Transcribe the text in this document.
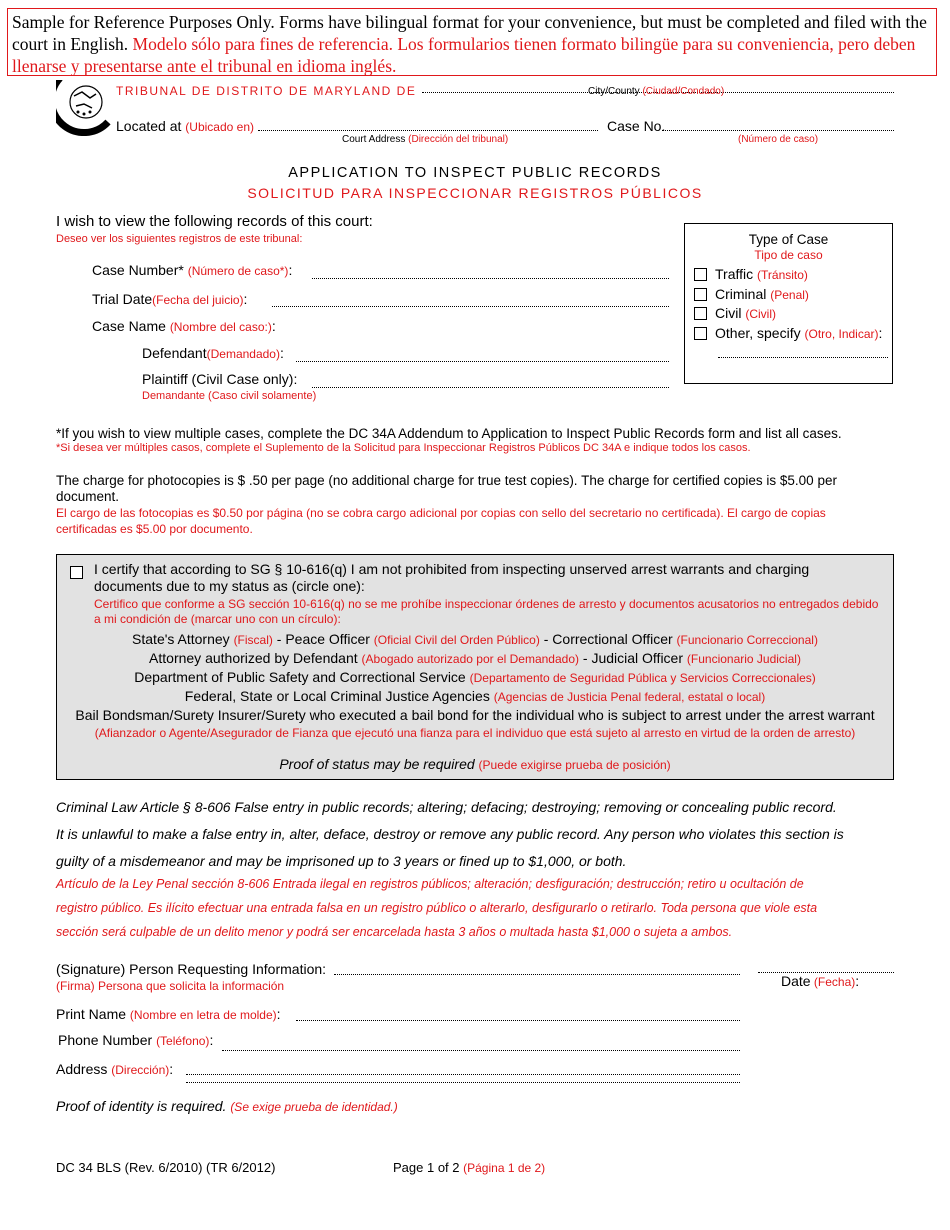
Sample for Reference Purposes Only. Forms have bilingual format for your convenience, but must be completed and filed with the court in English. Modelo sólo para fines de referencia. Los formularios tienen formato bilingüe para su conveniencia, pero deben llenarse y presentarse ante el tribunal en idioma inglés.
TRIBUNAL DE DISTRITO DE MARYLAND DE	City/County (Ciudad/Condado)
Located at (Ubicado en)
Court Address (Dirección del tribunal)
Case No.
(Número de caso)
APPLICATION TO INSPECT PUBLIC RECORDS
SOLICITUD PARA INSPECCIONAR REGISTROS PÚBLICOS
I wish to view the following records of this court:
Deseo ver los siguientes registros de este tribunal:
Case Number* (Número de caso*):
Trial Date(Fecha del juicio):
Case Name (Nombre del caso:):
Defendant(Demandado):
Plaintiff (Civil Case only):
Demandante (Caso civil solamente)
Type of Case
Tipo de caso
Traffic (Tránsito)
Criminal (Penal)
Civil (Civil)
Other, specify (Otro, Indicar):
*If you wish to view multiple cases, complete the DC 34A Addendum to Application to Inspect Public Records form and list all cases.
*Si desea ver múltiples casos, complete el Suplemento de la Solicitud para Inspeccionar Registros Públicos DC 34A e indique todos los casos.
The charge for photocopies is $ .50 per page (no additional charge for true test copies). The charge for certified copies is $5.00 per document.
El cargo de las fotocopias es $0.50 por página (no se cobra cargo adicional por copias con sello del secretario no certificada). El cargo de copias certificadas es $5.00 por documento.
I certify that according to SG § 10-616(q) I am not prohibited from inspecting unserved arrest warrants and charging documents due to my status as (circle one):
Certifico que conforme a SG sección 10-616(q) no se me prohíbe inspeccionar órdenes de arresto y documentos acusatorios no entregados debido a mi condición de (marcar uno con un círculo):
State's Attorney (Fiscal) - Peace Officer (Oficial Civil del Orden Público) - Correctional Officer (Funcionario Correccional)
Attorney authorized by Defendant (Abogado autorizado por el Demandado) - Judicial Officer (Funcionario Judicial)
Department of Public Safety and Correctional Service (Departamento de Seguridad Pública y Servicios Correccionales)
Federal, State or Local Criminal Justice Agencies (Agencias de Justicia Penal federal, estatal o local)
Bail Bondsman/Surety Insurer/Surety who executed a bail bond for the individual who is subject to arrest under the arrest warrant
(Afianzador o Agente/Asegurador de Fianza que ejecutó una fianza para el individuo que está sujeto al arresto en virtud de la orden de arresto)
Proof of status may be required (Puede exigirse prueba de posición)
Criminal Law Article § 8-606 False entry in public records; altering; defacing; destroying; removing or concealing public record.
It is unlawful to make a false entry in, alter, deface, destroy or remove any public record. Any person who violates this section is
guilty of a misdemeanor and may be imprisoned up to 3 years or fined up to $1,000, or both.
Artículo de la Ley Penal sección 8-606 Entrada ilegal en registros públicos; alteración; desfiguración; destrucción; retiro u ocultación de
registro público. Es ilícito efectuar una entrada falsa en un registro público o alterarlo, desfigurarlo o retirarlo. Toda persona que viole esta
sección será culpable de un delito menor y podrá ser encarcelada hasta 3 años o multada hasta $1,000 o sujeta a ambos.
(Signature) Person Requesting Information:
(Firma) Persona que solicita la información	Date (Fecha):
Print Name (Nombre en letra de molde):
Phone Number (Teléfono):
Address (Dirección):
Proof of identity is required. (Se exige prueba de identidad.)
DC 34 BLS (Rev. 6/2010) (TR 6/2012)	Page 1 of 2 (Página 1 de 2)
